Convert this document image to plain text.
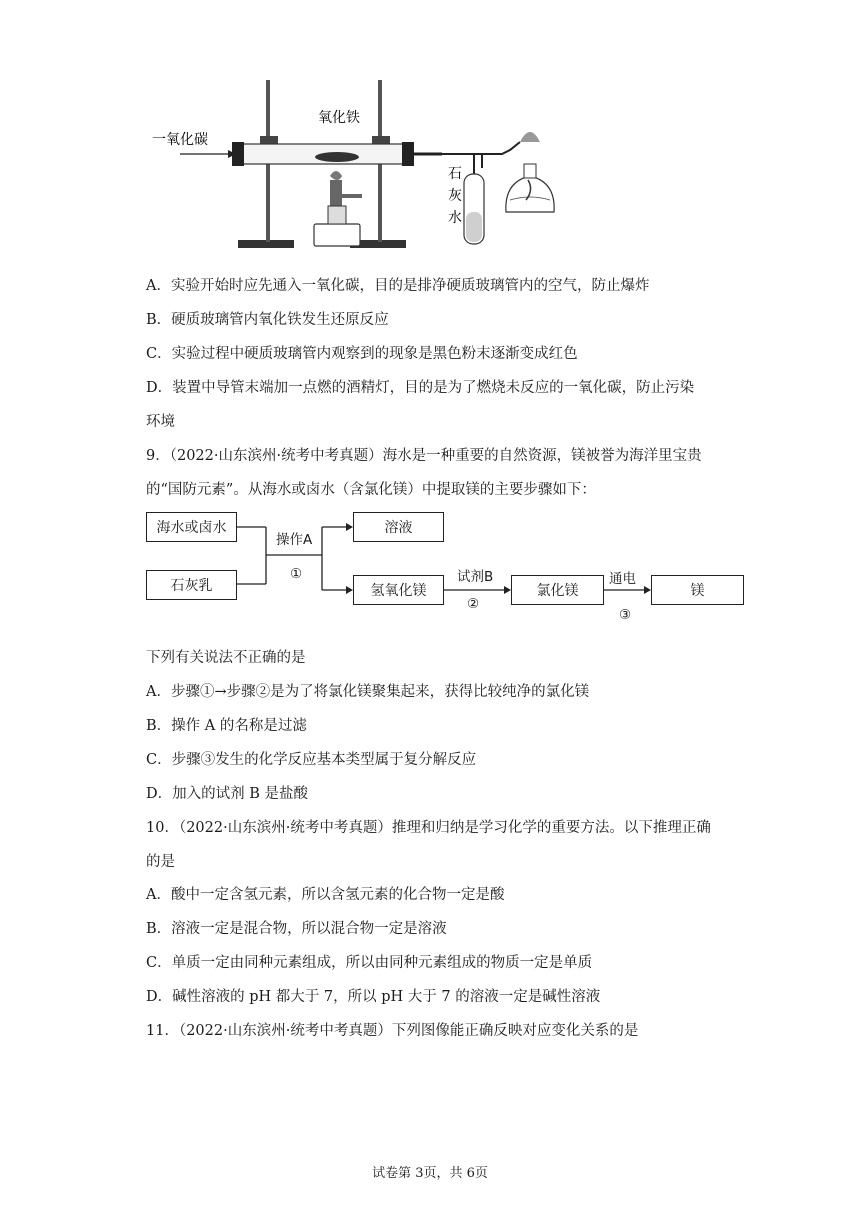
一氧化碳
氧化铁
石
灰
水
A．实验开始时应先通入一氧化碳，目的是排净硬质玻璃管内的空气，防止爆炸
B．硬质玻璃管内氧化铁发生还原反应
C．实验过程中硬质玻璃管内观察到的现象是黑色粉末逐渐变成红色
D．装置中导管末端加一点燃的酒精灯，目的是为了燃烧未反应的一氧化碳，防止污染
环境
9．（2022·山东滨州·统考中考真题）海水是一种重要的自然资源，镁被誉为海洋里宝贵
的“国防元素”。从海水或卤水（含氯化镁）中提取镁的主要步骤如下：
海水或卤水
石灰乳
溶液
氢氧化镁	氯化镁	镁
操作A
①	试剂B
②
通电
③
下列有关说法不正确的是
A．步骤①→步骤②是为了将氯化镁聚集起来，获得比较纯净的氯化镁
B．操作 A 的名称是过滤
C．步骤③发生的化学反应基本类型属于复分解反应
D．加入的试剂 B 是盐酸
10．（2022·山东滨州·统考中考真题）推理和归纳是学习化学的重要方法。以下推理正确
的是
A．酸中一定含氢元素，所以含氢元素的化合物一定是酸
B．溶液一定是混合物，所以混合物一定是溶液
C．单质一定由同种元素组成，所以由同种元素组成的物质一定是单质
D．碱性溶液的 pH 都大于 7，所以 pH 大于 7 的溶液一定是碱性溶液
11．（2022·山东滨州·统考中考真题）下列图像能正确反映对应变化关系的是
试卷第 3页，共 6页
